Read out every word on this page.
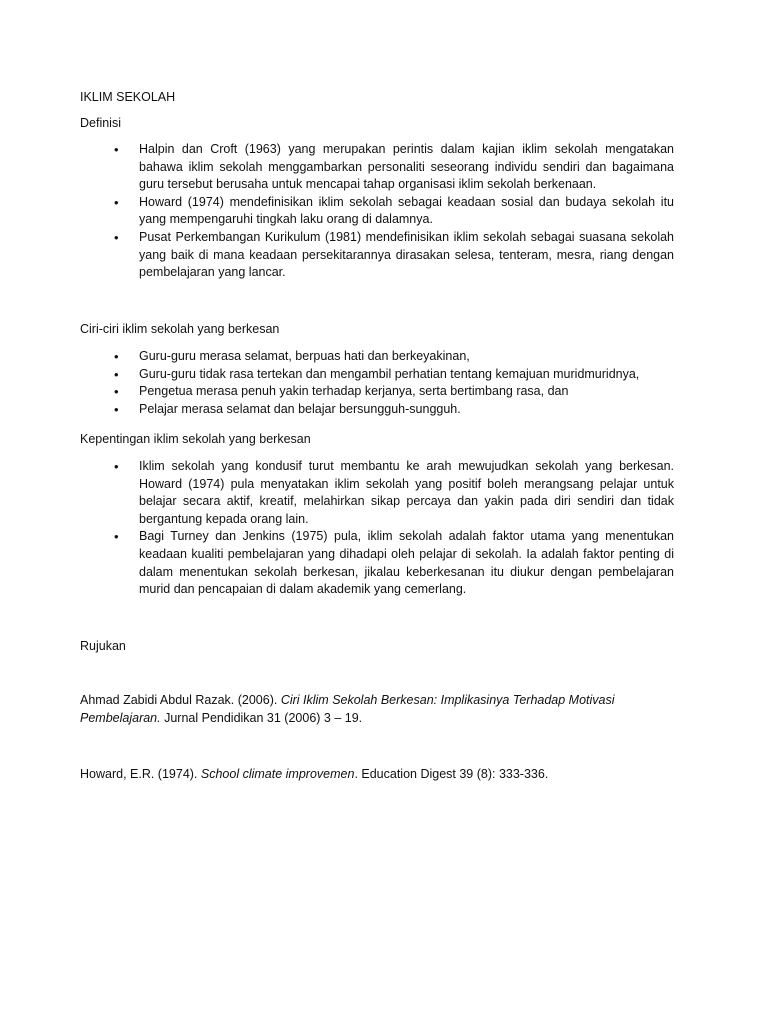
IKLIM SEKOLAH

Definisi

• Halpin dan Croft (1963) yang merupakan perintis dalam kajian iklim sekolah mengatakan bahawa iklim sekolah menggambarkan personaliti seseorang individu sendiri dan bagaimana guru tersebut berusaha untuk mencapai tahap organisasi iklim sekolah berkenaan.
• Howard (1974) mendefinisikan iklim sekolah sebagai keadaan sosial dan budaya sekolah itu yang mempengaruhi tingkah laku orang di dalamnya.
• Pusat Perkembangan Kurikulum (1981) mendefinisikan iklim sekolah sebagai suasana sekolah yang baik di mana keadaan persekitarannya dirasakan selesa, tenteram, mesra, riang dengan pembelajaran yang lancar.

Ciri-ciri iklim sekolah yang berkesan

• Guru-guru merasa selamat, berpuas hati dan berkeyakinan,
• Guru-guru tidak rasa tertekan dan mengambil perhatian tentang kemajuan muridmuridnya,
• Pengetua merasa penuh yakin terhadap kerjanya, serta bertimbang rasa, dan
• Pelajar merasa selamat dan belajar bersungguh-sungguh.

Kepentingan iklim sekolah yang berkesan

• Iklim sekolah yang kondusif turut membantu ke arah mewujudkan sekolah yang berkesan. Howard (1974) pula menyatakan iklim sekolah yang positif boleh merangsang pelajar untuk belajar secara aktif, kreatif, melahirkan sikap percaya dan yakin pada diri sendiri dan tidak bergantung kepada orang lain.
• Bagi Turney dan Jenkins (1975) pula, iklim sekolah adalah faktor utama yang menentukan keadaan kualiti pembelajaran yang dihadapi oleh pelajar di sekolah. Ia adalah faktor penting di dalam menentukan sekolah berkesan, jikalau keberkesanan itu diukur dengan pembelajaran murid dan pencapaian di dalam akademik yang cemerlang.

Rujukan

Ahmad Zabidi Abdul Razak. (2006). Ciri Iklim Sekolah Berkesan: Implikasinya Terhadap Motivasi Pembelajaran. Jurnal Pendidikan 31 (2006) 3 – 19.
Howard, E.R. (1974). School climate improvemen. Education Digest 39 (8): 333-336.
